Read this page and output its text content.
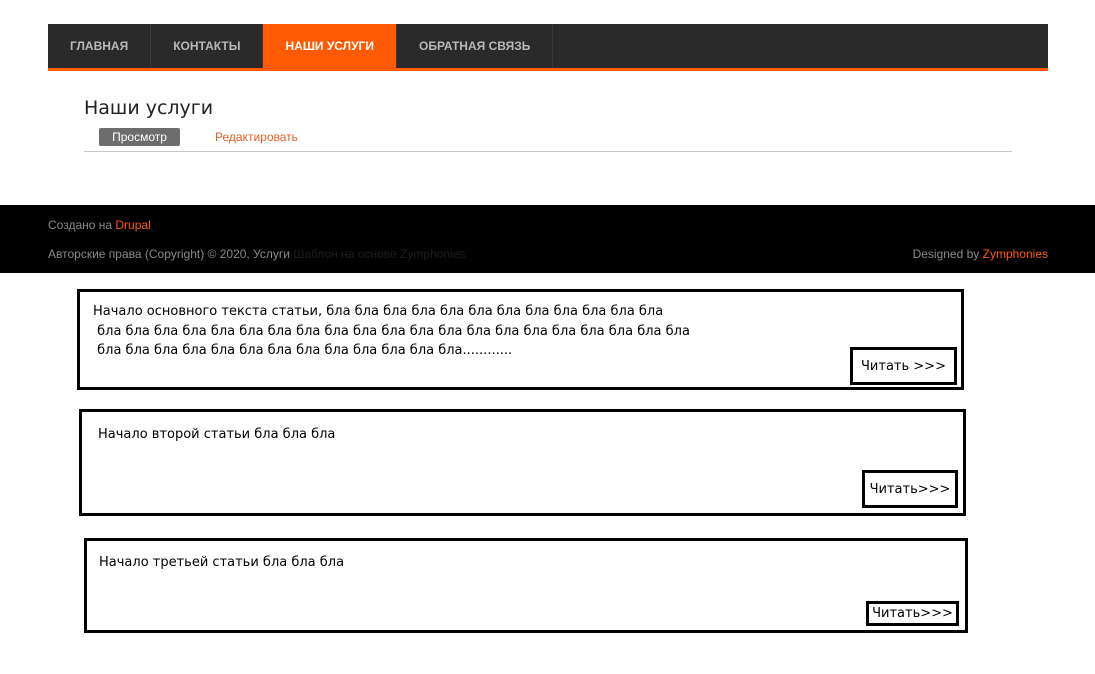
ГЛАВНАЯ	КОНТАКТЫ	НАШИ УСЛУГИ	ОБРАТНАЯ СВЯЗЬ
Наши услуги
Просмотр	Редактировать
Создано на Drupal
Авторские права (Copyright) © 2020, Услуги Шаблон на основе Zymphonies	Designed by Zymphonies
Начало основного текста статьи, бла бла бла бла бла бла бла бла бла бла бла бла
бла бла бла бла бла бла бла бла бла бла бла бла бла бла бла бла бла бла бла бла бла
бла бла бла бла бла бла бла бла бла бла бла бла бла............
Читать >>>
Начало второй статьи бла бла бла
Читать>>>
Начало третьей статьи бла бла бла
Читать>>>
